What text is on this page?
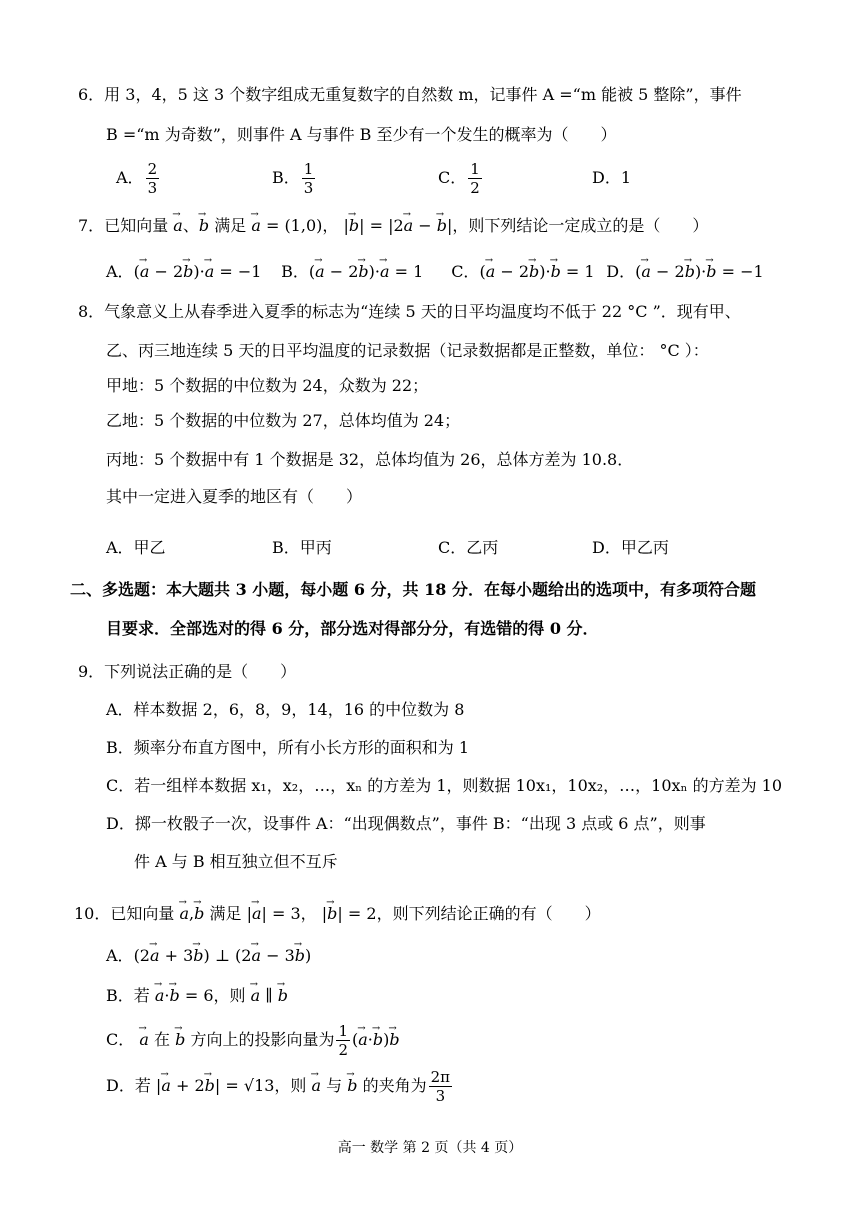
6．用 3，4，5 这 3 个数字组成无重复数字的自然数 m，记事件 A =“m 能被 5 整除”，事件
B =“m 为奇数”，则事件 A 与事件 B 至少有一个发生的概率为（　　）
A． $\frac{2}{3}$	B． $\frac{1}{3}$	C． $\frac{1}{2}$	D．1
7．已知向量 → a、→ b 满足 → a = (1,0)， |→ b| = |2→ a − → b|，则下列结论一定成立的是（　　）
A．(→ a − 2→ b)·→ a = −1 B．(→ a − 2→ b)·→ a = 1 C．(→ a − 2→ b)·→ b = 1 D．(→ a − 2→ b)·→ b = −1
8．气象意义上从春季进入夏季的标志为“连续 5 天的日平均温度均不低于 22 °C ”．现有甲、
乙、丙三地连续 5 天的日平均温度的记录数据（记录数据都是正整数，单位： °C ）：
甲地：5 个数据的中位数为 24，众数为 22；
乙地：5 个数据的中位数为 27，总体均值为 24；
丙地：5 个数据中有 1 个数据是 32，总体均值为 26，总体方差为 10.8．
其中一定进入夏季的地区有（　　）
A．甲乙	B．甲丙	C．乙丙	D．甲乙丙
二、多选题：本大题共 3 小题，每小题 6 分，共 18 分．在每小题给出的选项中，有多项符合题
目要求．全部选对的得 6 分，部分选对得部分分，有选错的得 0 分．
9．下列说法正确的是（　　）
A．样本数据 2，6，8，9，14，16 的中位数为 8
B．频率分布直方图中，所有小长方形的面积和为 1
C．若一组样本数据 x₁，x₂，…，xₙ 的方差为 1，则数据 10x₁，10x₂，…，10xₙ 的方差为 10
D．掷一枚骰子一次，设事件 A：“出现偶数点”，事件 B：“出现 3 点或 6 点”，则事
件 A 与 B 相互独立但不互斥
10．已知向量 → a,→ b 满足 |→ a| = 3， |→ b| = 2，则下列结论正确的有（　　）
A．(2→ a + 3→ b) ⊥ (2→ a − 3→ b)
B．若 → a·→ b = 6，则 → a ∥ → b
C． → a 在 → b 方向上的投影向量为 $\frac{1}{2}$ (→ a·→ b)→ b
D．若 |→ a + 2→ b| = √13，则 → a 与 → b 的夹角为 $\frac{2\pi}{3}$
高一 数学 第 2 页（共 4 页）
